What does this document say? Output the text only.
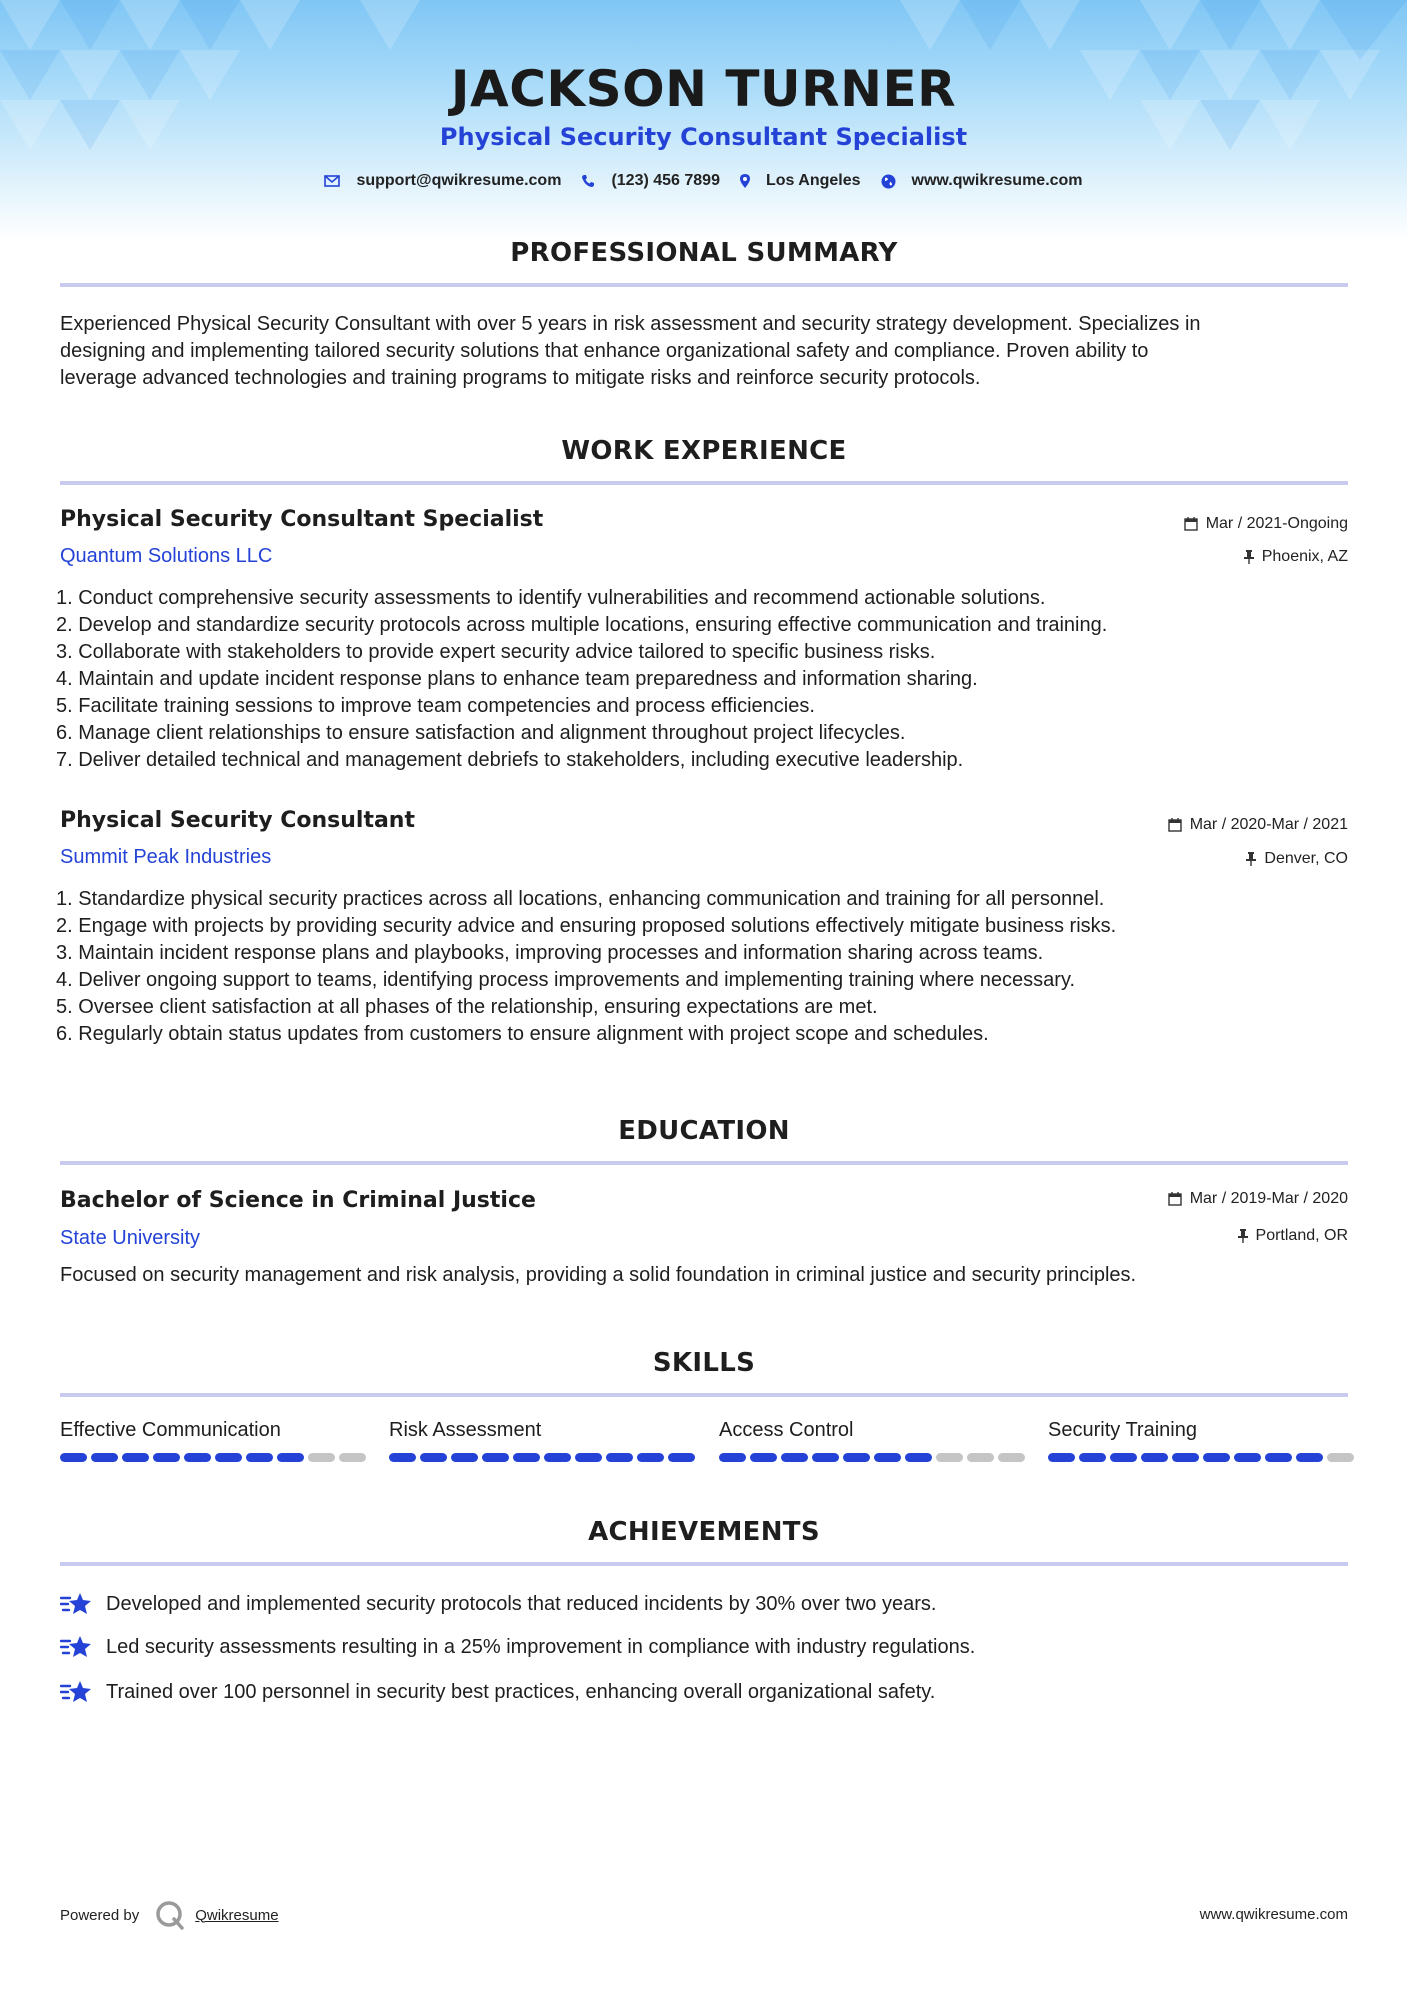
JACKSON TURNER
Physical Security Consultant Specialist
support@qwikresume.com	(123) 456 7899	Los Angeles	www.qwikresume.com
PROFESSIONAL SUMMARY
Experienced Physical Security Consultant with over 5 years in risk assessment and security strategy development. Specializes in
designing and implementing tailored security solutions that enhance organizational safety and compliance. Proven ability to
leverage advanced technologies and training programs to mitigate risks and reinforce security protocols.
WORK EXPERIENCE
Physical Security Consultant Specialist	Mar / 2021-Ongoing
Quantum Solutions LLC	Phoenix, AZ
1. Conduct comprehensive security assessments to identify vulnerabilities and recommend actionable solutions.
2. Develop and standardize security protocols across multiple locations, ensuring effective communication and training.
3. Collaborate with stakeholders to provide expert security advice tailored to specific business risks.
4. Maintain and update incident response plans to enhance team preparedness and information sharing.
5. Facilitate training sessions to improve team competencies and process efficiencies.
6. Manage client relationships to ensure satisfaction and alignment throughout project lifecycles.
7. Deliver detailed technical and management debriefs to stakeholders, including executive leadership.
Physical Security Consultant	Mar / 2020-Mar / 2021
Summit Peak Industries	Denver, CO
1. Standardize physical security practices across all locations, enhancing communication and training for all personnel.
2. Engage with projects by providing security advice and ensuring proposed solutions effectively mitigate business risks.
3. Maintain incident response plans and playbooks, improving processes and information sharing across teams.
4. Deliver ongoing support to teams, identifying process improvements and implementing training where necessary.
5. Oversee client satisfaction at all phases of the relationship, ensuring expectations are met.
6. Regularly obtain status updates from customers to ensure alignment with project scope and schedules.
EDUCATION
Bachelor of Science in Criminal Justice	Mar / 2019-Mar / 2020
State University	Portland, OR
Focused on security management and risk analysis, providing a solid foundation in criminal justice and security principles.
SKILLS
Effective Communication	Risk Assessment	Access Control	Security Training
ACHIEVEMENTS
Developed and implemented security protocols that reduced incidents by 30% over two years.
Led security assessments resulting in a 25% improvement in compliance with industry regulations.
Trained over 100 personnel in security best practices, enhancing overall organizational safety.
Powered by	Qwikresume	www.qwikresume.com
